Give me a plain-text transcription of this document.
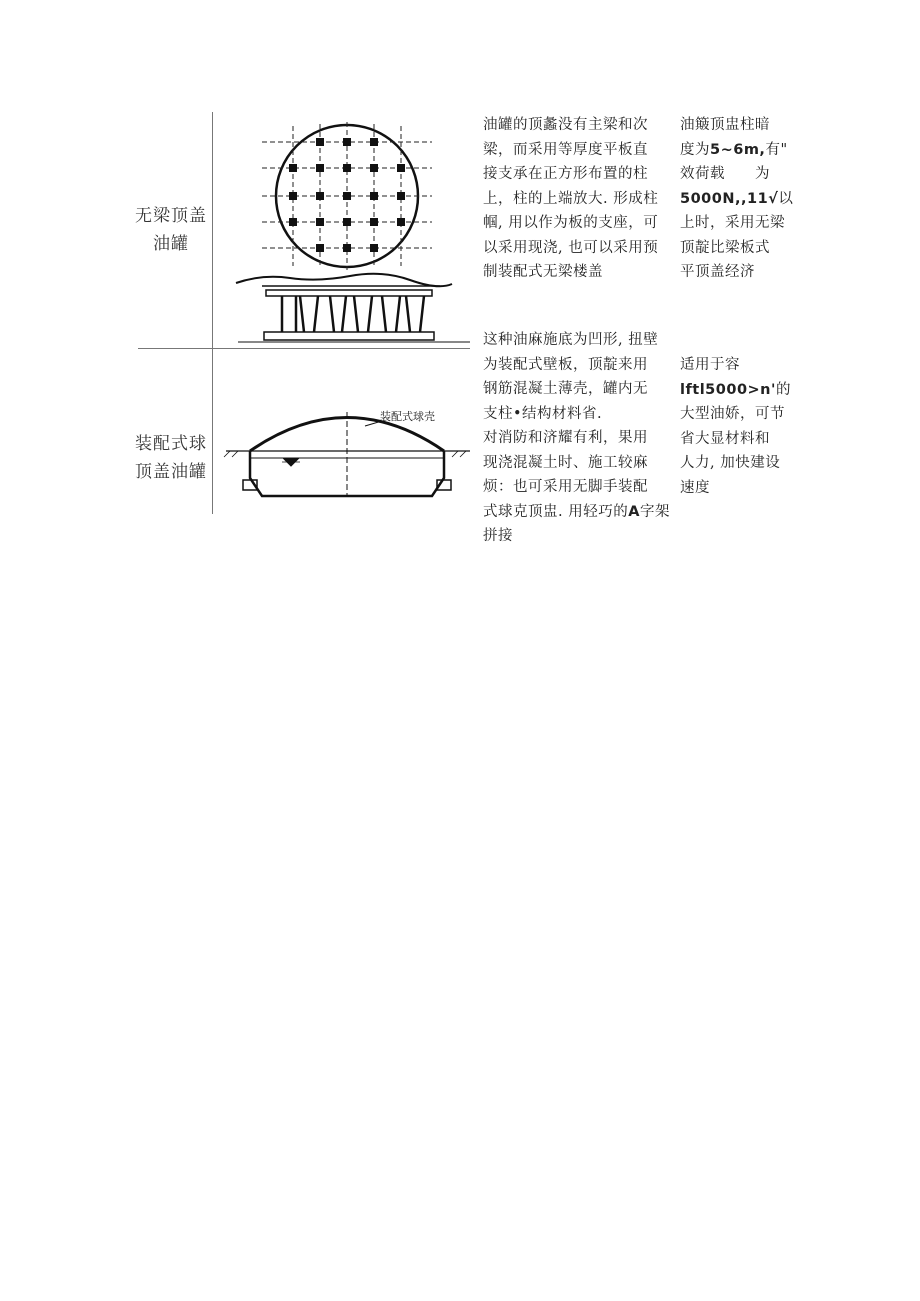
无梁顶盖
油罐
装配式球
顶盖油罐
装配式球壳
油罐的顶蠡没有主梁和次
梁，而采用等厚度平板直
接支承在正方形布置的柱
上，柱的上端放大. 形成柱
帼, 用以作为板的支座，可
以采用现浇, 也可以采用预
制装配式无梁楼盖
油簸顶盅柱暗
度为5~6m,有"
效荷载　　为
5000N,,11√以
上时，采用无梁
顶靛比梁板式
平顶盖经济
这种油麻施底为凹形, 扭壁
为装配式壁板，顶靛来用
钢筋混凝土薄壳，罐内无
支柱•结构材料省.
对消防和济耀有利，果用
现浇混凝土时、施工较麻
烦：也可采用无脚手装配
式球克顶盅. 用轻巧的A字架拼接
适用于容
lftl5000>n'的
大型油娇，可节
省大显材料和
人力, 加快建设
速度
